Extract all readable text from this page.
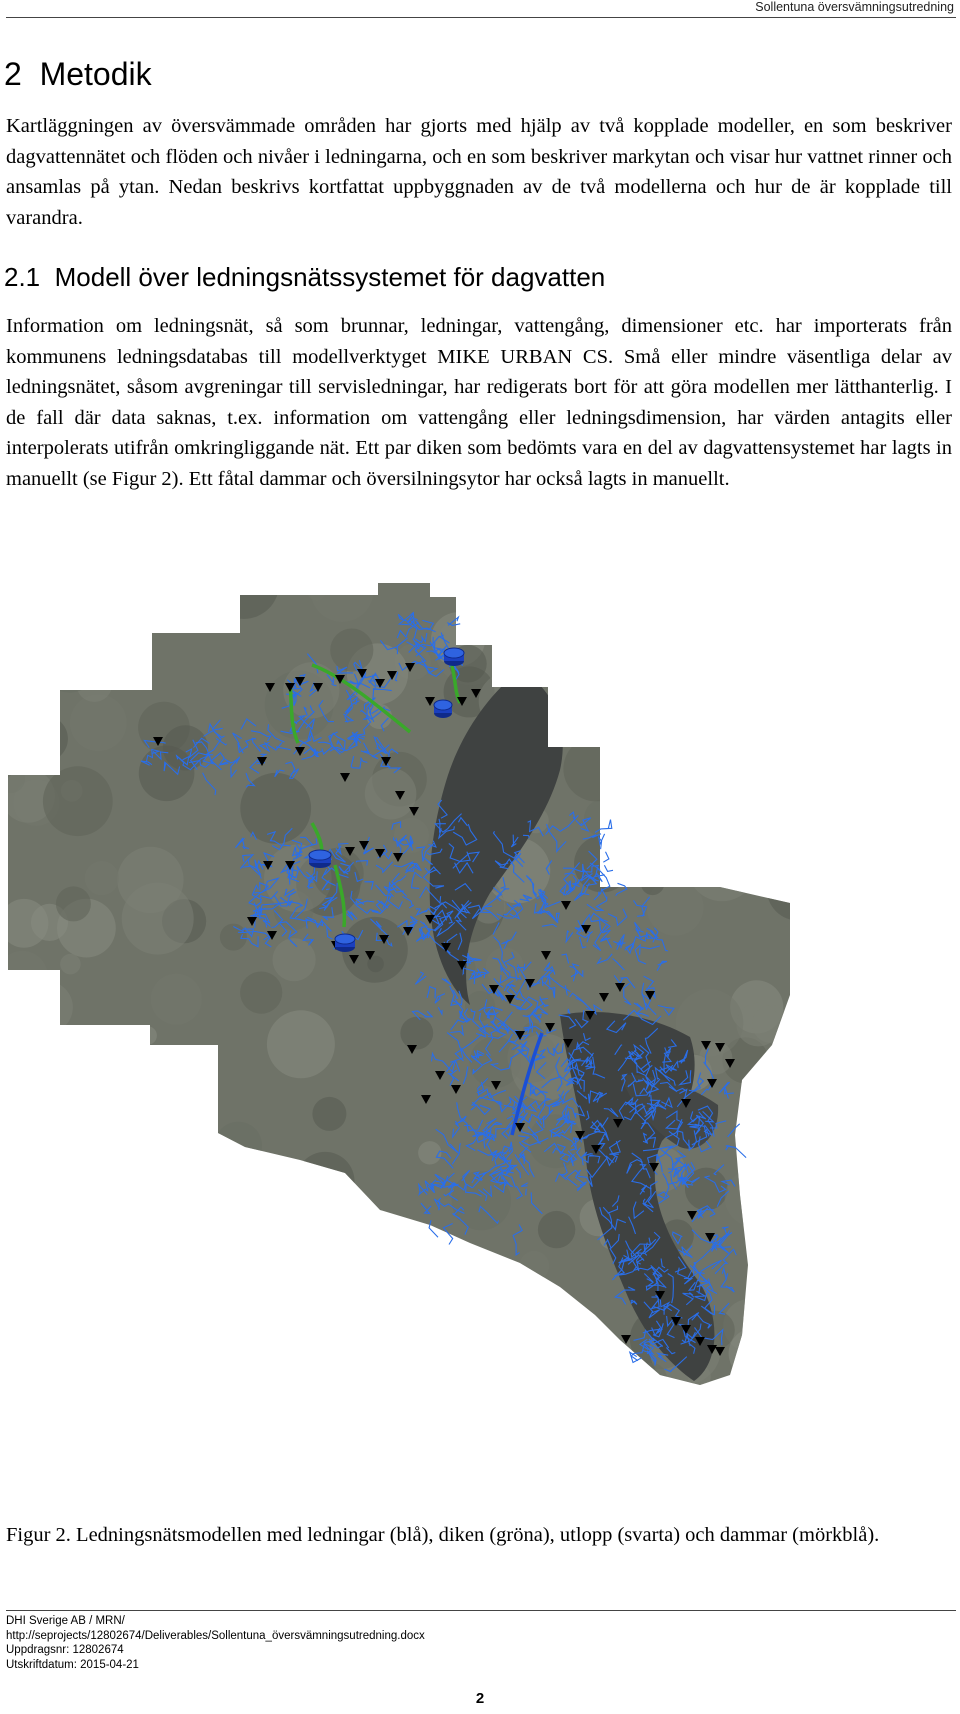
Sollentuna översvämningsutredning
2 Metodik

Kartläggningen av översvämmade områden har gjorts med hjälp av två kopplade modeller, en som beskriver dagvattennätet och flöden och nivåer i ledningarna, och en som beskriver markytan och visar hur vattnet rinner och ansamlas på ytan. Nedan beskrivs kortfattat uppbyggnaden av de två modellerna och hur de är kopplade till varandra.

2.1 Modell över ledningsnätssystemet för dagvatten

Information om ledningsnät, så som brunnar, ledningar, vattengång, dimensioner etc. har importerats från kommunens ledningsdatabas till modellverktyget MIKE URBAN CS. Små eller mindre väsentliga delar av ledningsnätet, såsom avgreningar till servisledningar, har redigerats bort för att göra modellen mer lätthanterlig. I de fall där data saknas, t.ex. information om vattengång eller ledningsdimension, har värden antagits eller interpolerats utifrån omkringliggande nät. Ett par diken som bedömts vara en del av dagvattensystemet har lagts in manuellt (se Figur 2). Ett fåtal dammar och översilningsytor har också lagts in manuellt.

Figur 2. Ledningsnätsmodellen med ledningar (blå), diken (gröna), utlopp (svarta) och dammar (mörkblå).

DHI Sverige AB / MRN/
http://seprojects/12802674/Deliverables/Sollentuna_översvämningsutredning.docx
Uppdragsnr: 12802674
Utskriftdatum: 2015-04-21
2
